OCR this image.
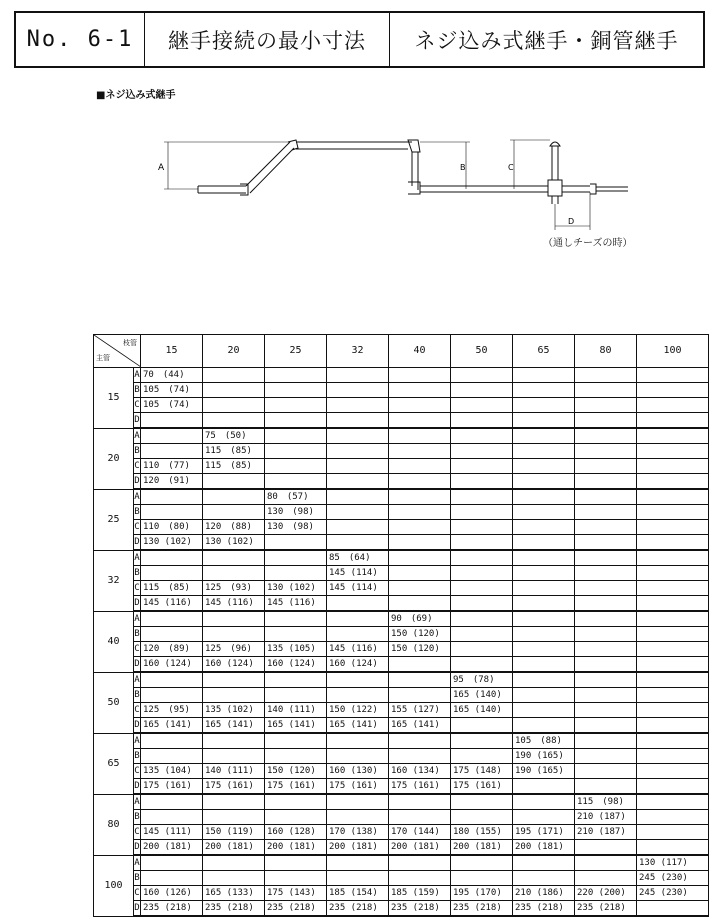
No. 6-1	継手接続の最小寸法	ネジ込み式継手・銅管継手
■ネジ込み式継手
A	B	C
D
（通しチーズの時）
枝管
主管		15	20	25	32	40	50	65	80	100
15	A	70　(44)								
	B	105　(74)								
	C	105　(74)								
	D									
20	A		75　(50)							
	B		115　(85)							
	C	110　(77)	115　(85)							
	D	120　(91)								
25	A			80　(57)						
	B			130　(98)						
	C	110　(80)	120　(88)	130　(98)						
	D	130 (102)	130 (102)							
32	A				85　(64)					
	B				145 (114)					
	C	115　(85)	125　(93)	130 (102)	145 (114)					
	D	145 (116)	145 (116)	145 (116)						
40	A					90　(69)				
	B					150 (120)				
	C	120　(89)	125　(96)	135 (105)	145 (116)	150 (120)				
	D	160 (124)	160 (124)	160 (124)	160 (124)					
50	A						95　(78)			
	B						165 (140)			
	C	125　(95)	135 (102)	140 (111)	150 (122)	155 (127)	165 (140)			
	D	165 (141)	165 (141)	165 (141)	165 (141)	165 (141)				
65	A							105　(88)		
	B							190 (165)		
	C	135 (104)	140 (111)	150 (120)	160 (130)	160 (134)	175 (148)	190 (165)		
	D	175 (161)	175 (161)	175 (161)	175 (161)	175 (161)	175 (161)			
80	A								115　(98)	
	B								210 (187)	
	C	145 (111)	150 (119)	160 (128)	170 (138)	170 (144)	180 (155)	195 (171)	210 (187)	
	D	200 (181)	200 (181)	200 (181)	200 (181)	200 (181)	200 (181)	200 (181)		
100	A									130 (117)
	B									245 (230)
	C	160 (126)	165 (133)	175 (143)	185 (154)	185 (159)	195 (170)	210 (186)	220 (200)	245 (230)
	D	235 (218)	235 (218)	235 (218)	235 (218)	235 (218)	235 (218)	235 (218)	235 (218)	
